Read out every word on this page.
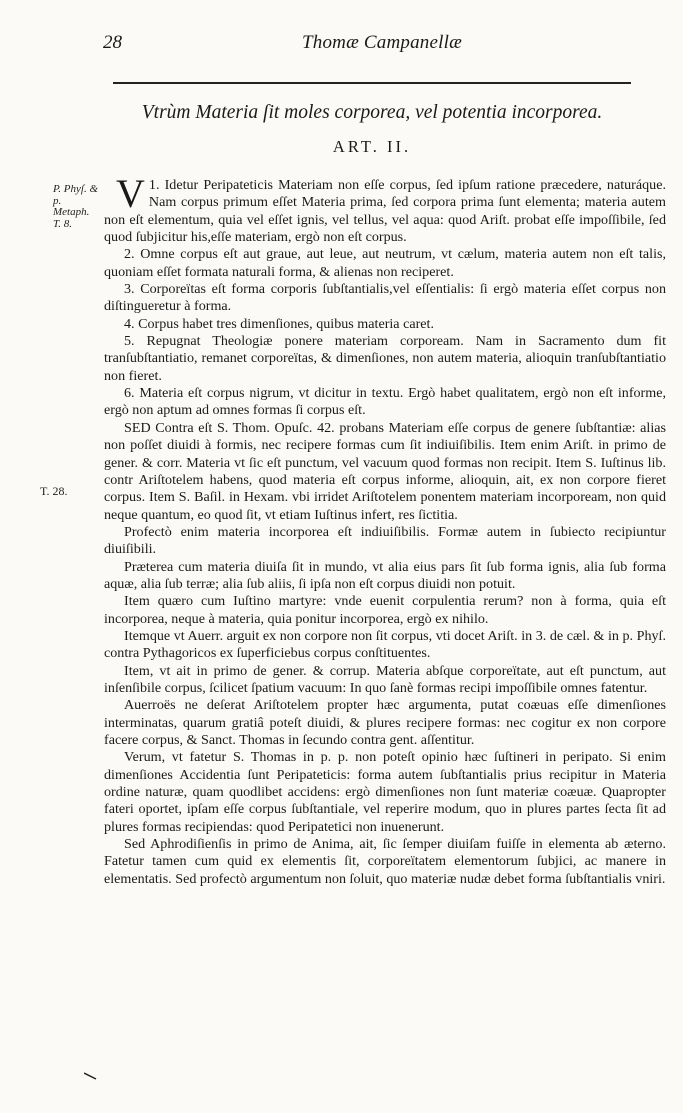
28	Thomæ Campanellæ
Vtrùm Materia ſit moles corporea, vel potentia incorporea.
ART. II.
P. Phyſ. & p. Metaph. T. 8.
T. 28.

1.
V Idetur Peripateticis Materiam non eſſe corpus, ſed ipſum ratione præcedere, naturáque. Nam corpus primum eſſet Materia prima, ſed corpora prima ſunt elementa; materia autem non eſt elementum, quia vel eſſet ignis, vel tellus, vel aqua: quod Ariſt. probat eſſe impoſſibile, ſed quod ſubjicitur his,eſſe materiam, ergò non eſt corpus.

2. Omne corpus eſt aut graue, aut leue, aut neutrum, vt cælum, materia autem non eſt talis, quoniam eſſet formata naturali forma, & alienas non reciperet.

3. Corporeïtas eſt forma corporis ſubſtantialis,vel eſſentialis: ſi ergò materia eſſet corpus non diſtingueretur à forma.

4. Corpus habet tres dimenſiones, quibus materia caret.

5. Repugnat Theologiæ ponere materiam corpoream. Nam in Sacramento dum fit tranſubſtantiatio, remanet corporeïtas, & dimenſiones, non autem materia, alioquin tranſubſtantiatio non fieret.

6. Materia eſt corpus nigrum, vt dicitur in textu. Ergò habet qualitatem, ergò non eſt informe, ergò non aptum ad omnes formas ſi corpus eſt.

SED Contra eſt S. Thom. Opuſc. 42. probans Materiam eſſe corpus de genere ſubſtantiæ: alias non poſſet diuidi à formis, nec recipere formas cum ſit indiuiſibilis. Item enim Ariſt. in primo de gener. & corr. Materia vt ſic eſt punctum, vel vacuum quod formas non recipit. Item S. Iuſtinus lib. contr Ariſtotelem habens, quod materia eſt corpus informe, alioquin, ait, ex non corpore fieret corpus. Item S. Baſil. in Hexam. vbi irridet Ariſtotelem ponentem materiam incorpoream, non quid neque quantum, eo quod ſit, vt etiam Iuſtinus infert, res ſictitia.

Profectò enim materia incorporea eſt indiuiſibilis. Formæ autem in ſubiecto recipiuntur diuiſibili.

Præterea cum materia diuiſa ſit in mundo, vt alia eius pars ſit ſub forma ignis, alia ſub forma aquæ, alia ſub terræ; alia ſub aliis, ſi ipſa non eſt corpus diuidi non potuit.

Item quæro cum Iuſtino martyre: vnde euenit corpulentia rerum? non à forma, quia eſt incorporea, neque à materia, quia ponitur incorporea, ergò ex nihilo.

Itemque vt Auerr. arguit ex non corpore non ſit corpus, vti docet Ariſt. in 3. de cæl. & in p. Phyſ. contra Pythagoricos ex ſuperficiebus corpus conſtituentes.

Item, vt ait in primo de gener. & corrup. Materia abſque corporeïtate, aut eſt punctum, aut inſenſibile corpus, ſcilicet ſpatium vacuum: In quo ſanè formas recipi impoſſibile omnes fatentur.

Auerroës ne deſerat Ariſtotelem propter hæc argumenta, putat coæuas eſſe dimenſiones interminatas, quarum gratiâ poteſt diuidi, & plures recipere formas: nec cogitur ex non corpore facere corpus, & Sanct. Thomas in ſecundo contra gent. aſſentitur.

Verum, vt fatetur S. Thomas in p. p. non poteſt opinio hæc ſuſtineri in peripato. Si enim dimenſiones Accidentia ſunt Peripateticis: forma autem ſubſtantialis prius recipitur in Materia ordine naturæ, quam quodlibet accidens: ergò dimenſiones non ſunt materiæ coæuæ. Quapropter fateri oportet, ipſam eſſe corpus ſubſtantiale, vel reperire modum, quo in plures partes ſecta ſit ad plures formas recipiendas: quod Peripatetici non inuenerunt.

Sed Aphrodiſienſis in primo de Anima, ait, ſic ſemper diuiſam fuiſſe in elementa ab æterno. Fatetur tamen cum quid ex elementis ſit, corporeïtatem elementorum ſubjici, ac manere in elementatis. Sed profectò argumentum non ſoluit, quo materiæ nudæ debet forma ſubſtantialis vniri.
